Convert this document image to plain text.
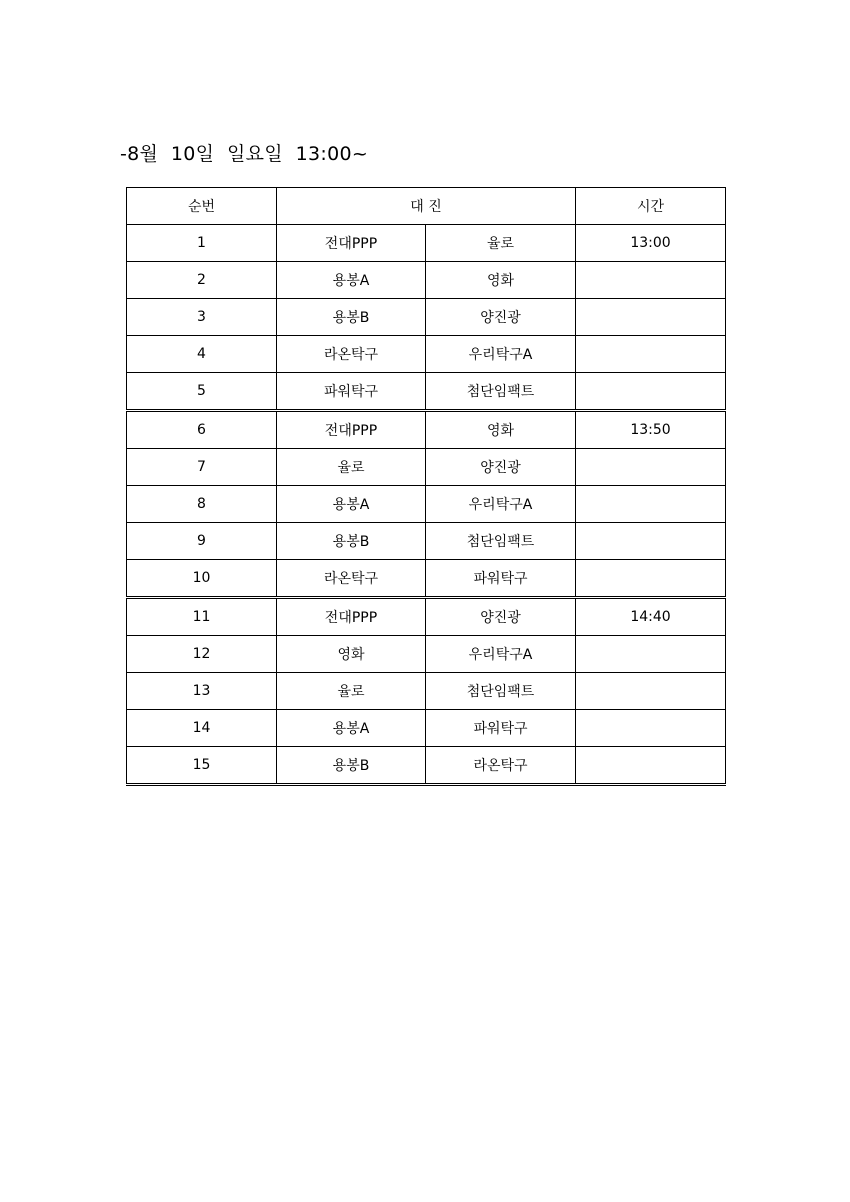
-8월  10일  일요일  13:00~
순번	대 진		시간
1	전대PPP	율로	13:00
2	용봉A	영화	
3	용봉B	양진광	
4	라온탁구	우리탁구A	
5	파워탁구	첨단임팩트	
6	전대PPP	영화	13:50
7	율로	양진광	
8	용봉A	우리탁구A	
9	용봉B	첨단임팩트	
10	라온탁구	파워탁구	
11	전대PPP	양진광	14:40
12	영화	우리탁구A	
13	율로	첨단임팩트	
14	용봉A	파워탁구	
15	용봉B	라온탁구	
